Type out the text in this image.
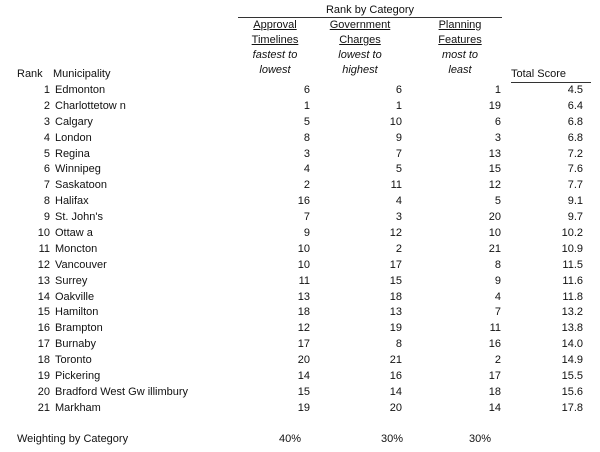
Rank by Category
Approval
Timelines
fastest to
lowest
Government
Charges
lowest to
highest
Planning
Features
most to
least
Rank Municipality	Total Score
1 Edmonton	6	6	1	4.5
2 Charlottetow n	1	1	19	6.4
3 Calgary	5	10	6	6.8
4 London	8	9	3	6.8
5 Regina	3	7	13	7.2
6 Winnipeg	4	5	15	7.6
7 Saskatoon	2	11	12	7.7
8 Halifax	16	4	5	9.1
9 St. John's	7	3	20	9.7
10 Ottaw a	9	12	10	10.2
11 Moncton	10	2	21	10.9
12 Vancouver	10	17	8	11.5
13 Surrey	11	15	9	11.6
14 Oakville	13	18	4	11.8
15 Hamilton	18	13	7	13.2
16 Brampton	12	19	11	13.8
17 Burnaby	17	8	16	14.0
18 Toronto	20	21	2	14.9
19 Pickering	14	16	17	15.5
20 Bradford West Gw illimbury	15	14	18	15.6
21 Markham	19	20	14	17.8
Weighting by Category	40%	30%	30%
